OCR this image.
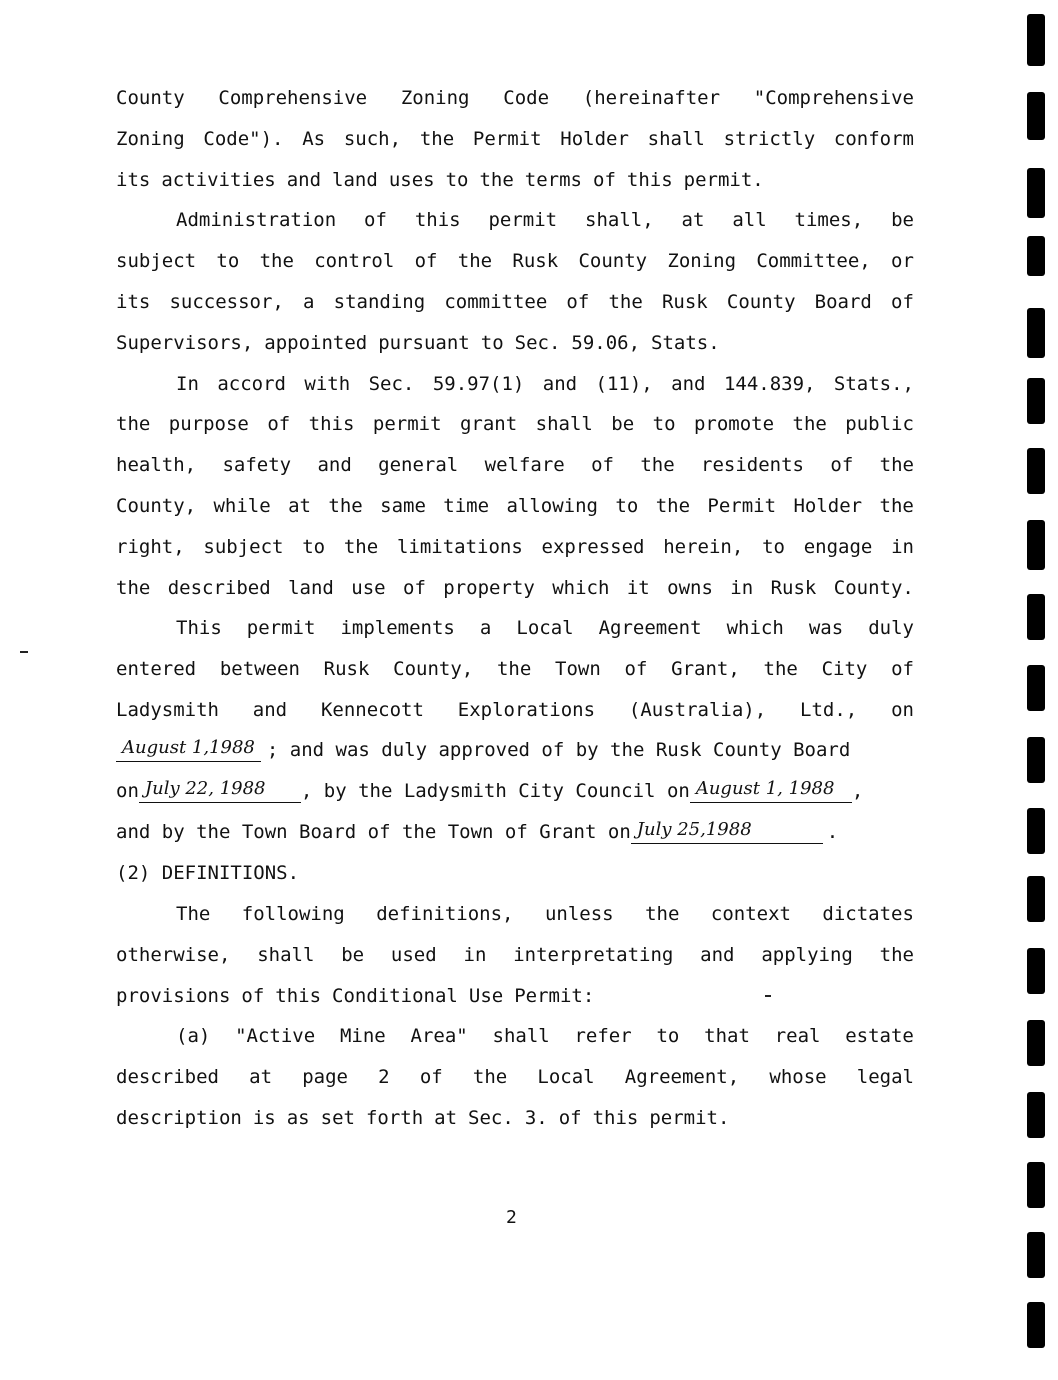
County Comprehensive Zoning Code (hereinafter "Comprehensive
Zoning Code"). As such, the Permit Holder shall strictly conform
its activities and land uses to the terms of this permit.
Administration of this permit shall, at all times, be
subject to the control of the Rusk County Zoning Committee, or
its successor, a standing committee of the Rusk County Board of
Supervisors, appointed pursuant to Sec. 59.06, Stats.
In accord with Sec. 59.97(1) and (11), and 144.839, Stats.,
the purpose of this permit grant shall be to promote the public
health, safety and general welfare of the residents of the
County, while at the same time allowing to the Permit Holder the
right, subject to the limitations expressed herein, to engage in
the described land use of property which it owns in Rusk County.
This permit implements a Local Agreement which was duly
entered between Rusk County, the Town of Grant, the City of
Ladysmith and Kennecott Explorations (Australia), Ltd., on
August 1,1988 ; and was duly approved of by the Rusk County Board
on July 22, 1988	, by the Ladysmith City Council on August 1, 1988 ,
and by the Town Board of the Town of Grant on July 25,1988	.
(2) DEFINITIONS.
The following definitions, unless the context dictates
otherwise, shall be used in interpretating and applying the
provisions of this Conditional Use Permit:
(a) "Active Mine Area" shall refer to that real estate
described at page 2 of the Local Agreement, whose legal
description is as set forth at Sec. 3. of this permit.
2
